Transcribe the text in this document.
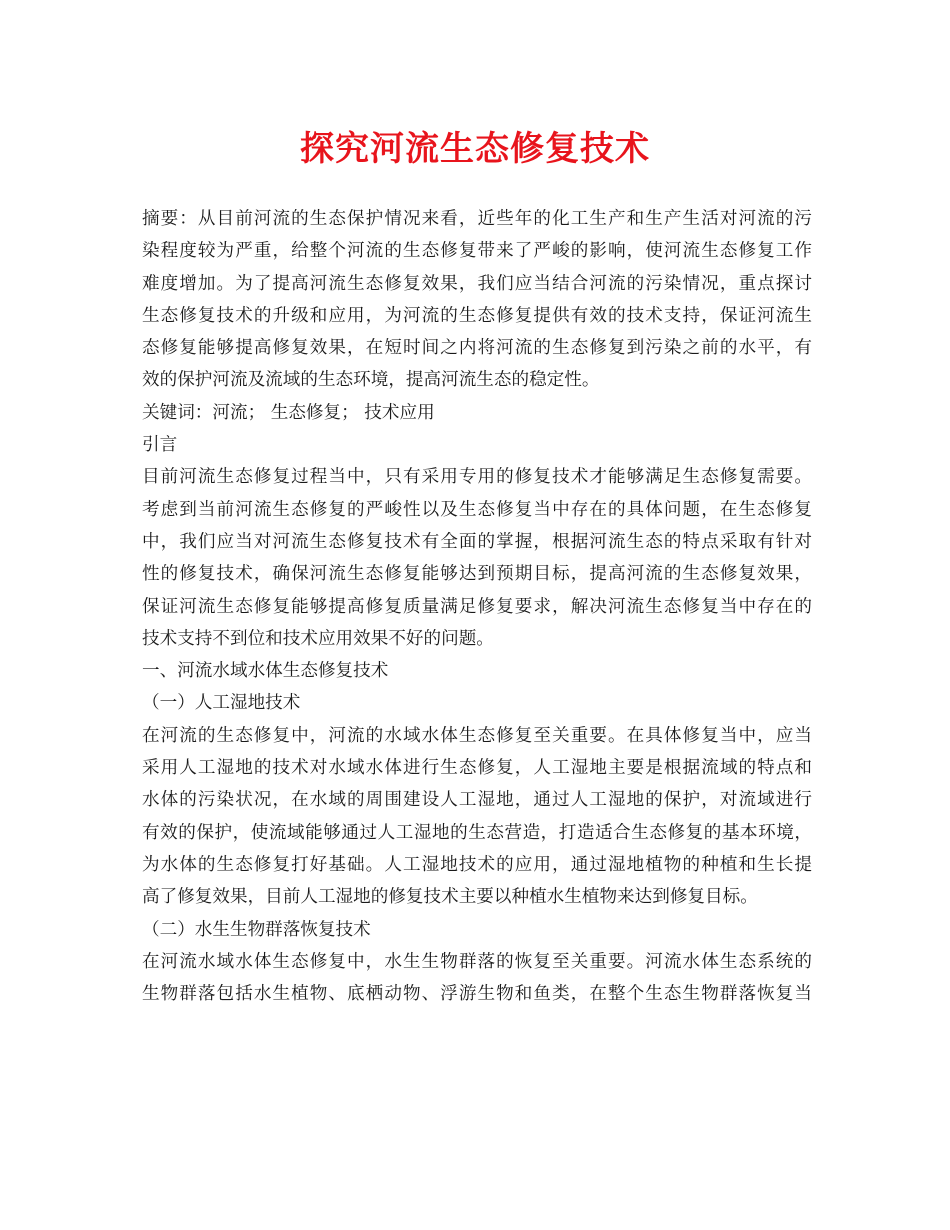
探究河流生态修复技术
摘要：从目前河流的生态保护情况来看，近些年的化工生产和生产生活对河流的污
染程度较为严重，给整个河流的生态修复带来了严峻的影响，使河流生态修复工作
难度增加。为了提高河流生态修复效果，我们应当结合河流的污染情况，重点探讨
生态修复技术的升级和应用，为河流的生态修复提供有效的技术支持，保证河流生
态修复能够提高修复效果，在短时间之内将河流的生态修复到污染之前的水平，有
效的保护河流及流域的生态环境，提高河流生态的稳定性。
关键词：河流； 生态修复； 技术应用
引言
目前河流生态修复过程当中，只有采用专用的修复技术才能够满足生态修复需要。
考虑到当前河流生态修复的严峻性以及生态修复当中存在的具体问题，在生态修复
中，我们应当对河流生态修复技术有全面的掌握，根据河流生态的特点采取有针对
性的修复技术，确保河流生态修复能够达到预期目标，提高河流的生态修复效果，
保证河流生态修复能够提高修复质量满足修复要求，解决河流生态修复当中存在的
技术支持不到位和技术应用效果不好的问题。
一、河流水域水体生态修复技术
（一）人工湿地技术
在河流的生态修复中，河流的水域水体生态修复至关重要。在具体修复当中，应当
采用人工湿地的技术对水域水体进行生态修复，人工湿地主要是根据流域的特点和
水体的污染状况，在水域的周围建设人工湿地，通过人工湿地的保护，对流域进行
有效的保护，使流域能够通过人工湿地的生态营造，打造适合生态修复的基本环境，
为水体的生态修复打好基础。人工湿地技术的应用，通过湿地植物的种植和生长提
高了修复效果，目前人工湿地的修复技术主要以种植水生植物来达到修复目标。
（二）水生生物群落恢复技术
在河流水域水体生态修复中，水生生物群落的恢复至关重要。河流水体生态系统的
生物群落包括水生植物、底栖动物、浮游生物和鱼类，在整个生态生物群落恢复当
